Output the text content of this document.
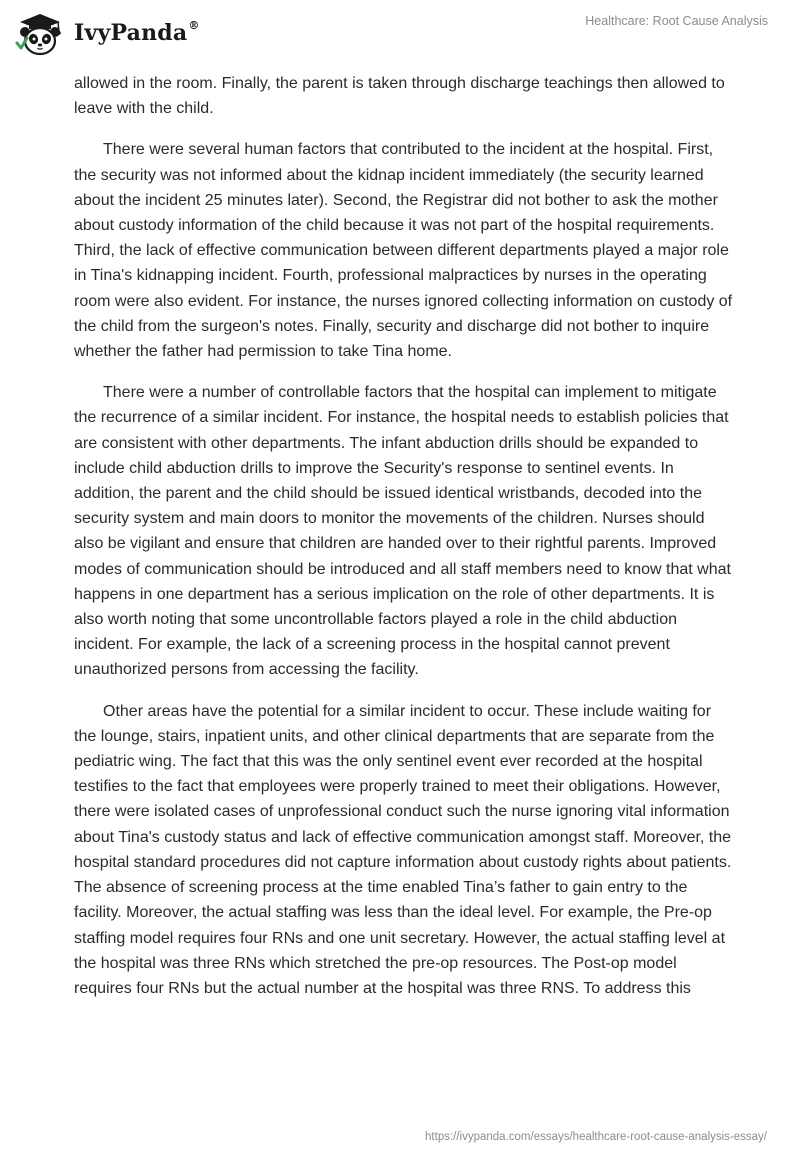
IvyPanda®	Healthcare: Root Cause Analysis

allowed in the room. Finally, the parent is taken through discharge teachings then allowed to leave with the child.

There were several human factors that contributed to the incident at the hospital. First, the security was not informed about the kidnap incident immediately (the security learned about the incident 25 minutes later). Second, the Registrar did not bother to ask the mother about custody information of the child because it was not part of the hospital requirements. Third, the lack of effective communication between different departments played a major role in Tina's kidnapping incident. Fourth, professional malpractices by nurses in the operating room were also evident. For instance, the nurses ignored collecting information on custody of the child from the surgeon's notes. Finally, security and discharge did not bother to inquire whether the father had permission to take Tina home.

There were a number of controllable factors that the hospital can implement to mitigate the recurrence of a similar incident. For instance, the hospital needs to establish policies that are consistent with other departments. The infant abduction drills should be expanded to include child abduction drills to improve the Security's response to sentinel events. In addition, the parent and the child should be issued identical wristbands, decoded into the security system and main doors to monitor the movements of the children. Nurses should also be vigilant and ensure that children are handed over to their rightful parents. Improved modes of communication should be introduced and all staff members need to know that what happens in one department has a serious implication on the role of other departments. It is also worth noting that some uncontrollable factors played a role in the child abduction incident. For example, the lack of a screening process in the hospital cannot prevent unauthorized persons from accessing the facility.

Other areas have the potential for a similar incident to occur. These include waiting for the lounge, stairs, inpatient units, and other clinical departments that are separate from the pediatric wing. The fact that this was the only sentinel event ever recorded at the hospital testifies to the fact that employees were properly trained to meet their obligations. However, there were isolated cases of unprofessional conduct such the nurse ignoring vital information about Tina's custody status and lack of effective communication amongst staff. Moreover, the hospital standard procedures did not capture information about custody rights about patients. The absence of screening process at the time enabled Tina’s father to gain entry to the facility. Moreover, the actual staffing was less than the ideal level. For example, the Pre-op staffing model requires four RNs and one unit secretary. However, the actual staffing level at the hospital was three RNs which stretched the pre-op resources. The Post-op model requires four RNs but the actual number at the hospital was three RNS. To address this

https://ivypanda.com/essays/healthcare-root-cause-analysis-essay/
